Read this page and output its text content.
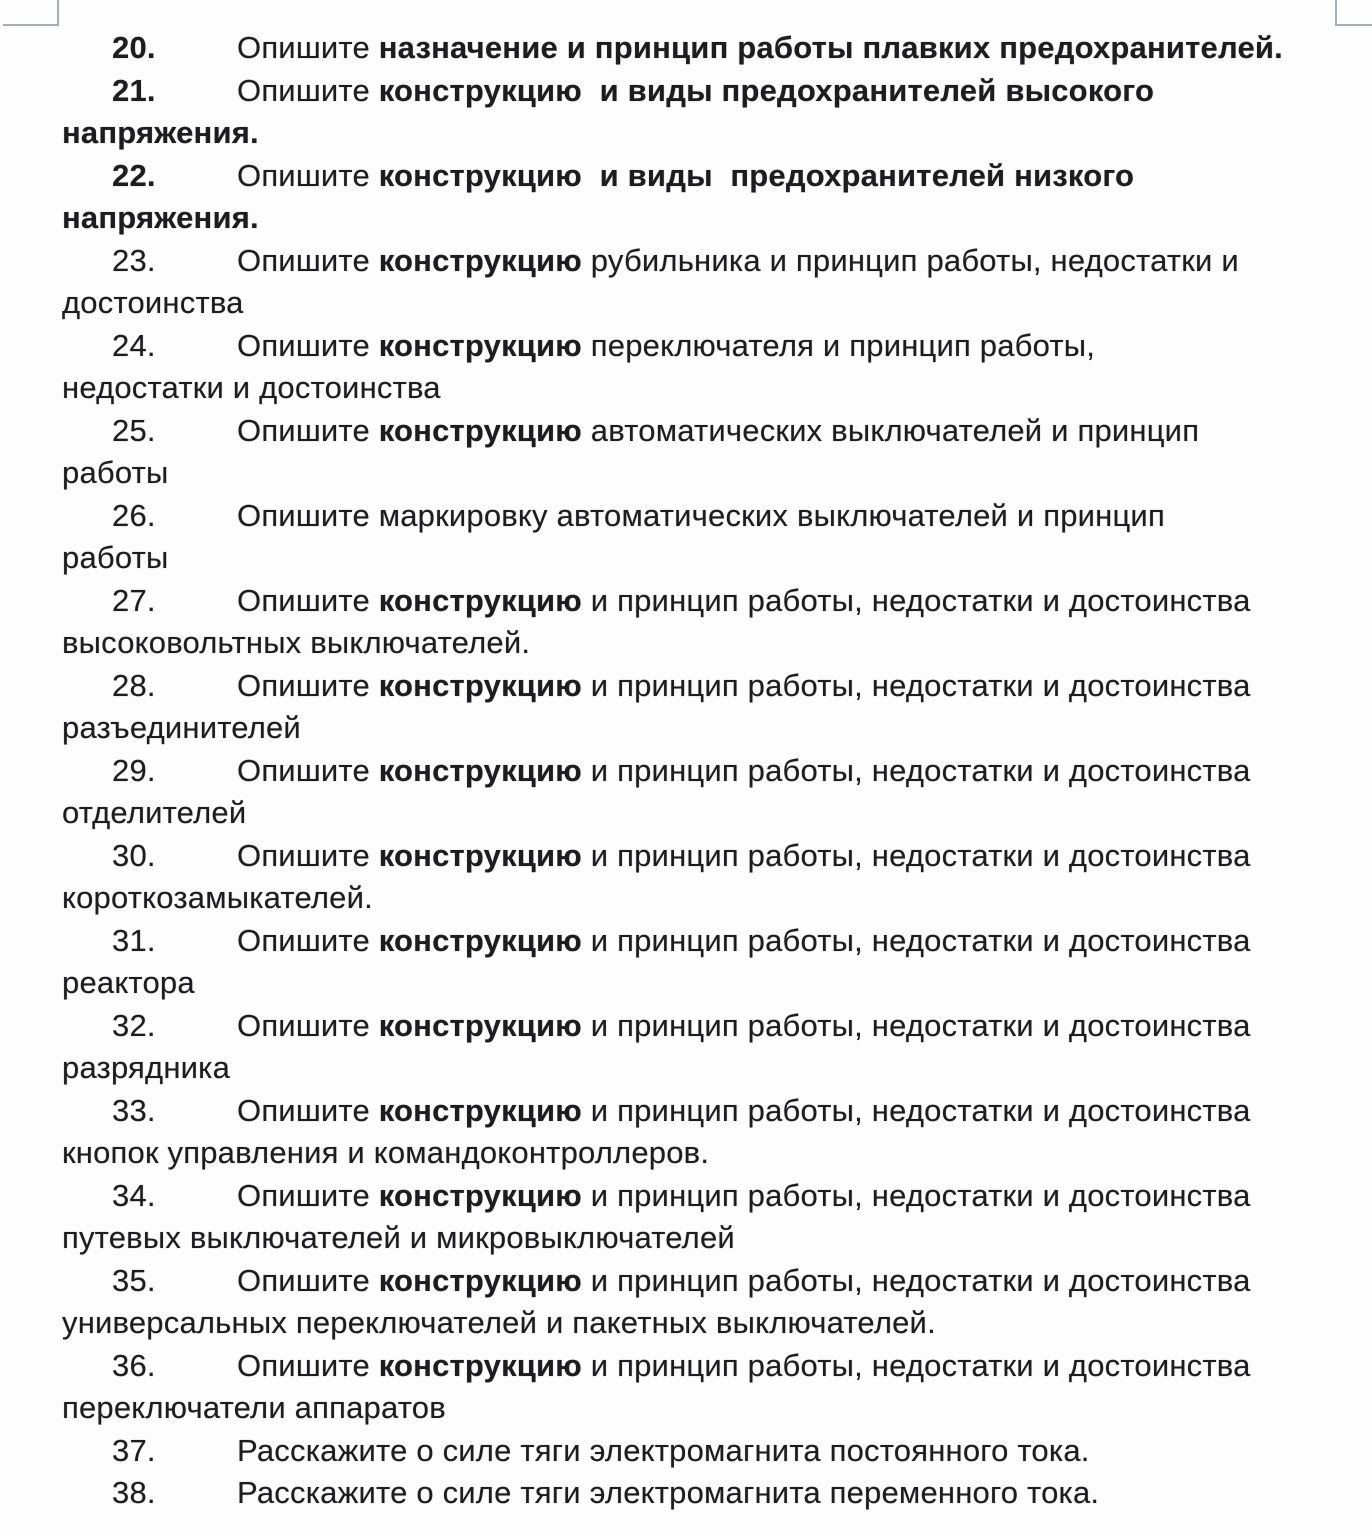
20.	Опишите назначение и принцип работы плавких предохранителей.
21.	Опишите конструкцию  и виды предохранителей высокого
напряжения.
22.	Опишите конструкцию  и виды  предохранителей низкого
напряжения.
23.	Опишите конструкцию рубильника и принцип работы, недостатки и
достоинства
24.	Опишите конструкцию переключателя и принцип работы,
недостатки и достоинства
25.	Опишите конструкцию автоматических выключателей и принцип
работы
26.	Опишите маркировку автоматических выключателей и принцип
работы
27.	Опишите конструкцию и принцип работы, недостатки и достоинства
высоковольтных выключателей.
28.	Опишите конструкцию и принцип работы, недостатки и достоинства
разъединителей
29.	Опишите конструкцию и принцип работы, недостатки и достоинства
отделителей
30.	Опишите конструкцию и принцип работы, недостатки и достоинства
короткозамыкателей.
31.	Опишите конструкцию и принцип работы, недостатки и достоинства
реактора
32.	Опишите конструкцию и принцип работы, недостатки и достоинства
разрядника
33.	Опишите конструкцию и принцип работы, недостатки и достоинства
кнопок управления и командоконтроллеров.
34.	Опишите конструкцию и принцип работы, недостатки и достоинства
путевых выключателей и микровыключателей
35.	Опишите конструкцию и принцип работы, недостатки и достоинства
универсальных переключателей и пакетных выключателей.
36.	Опишите конструкцию и принцип работы, недостатки и достоинства
переключатели аппаратов
37.	Расскажите о силе тяги электромагнита постоянного тока.
38.	Расскажите о силе тяги электромагнита переменного тока.
